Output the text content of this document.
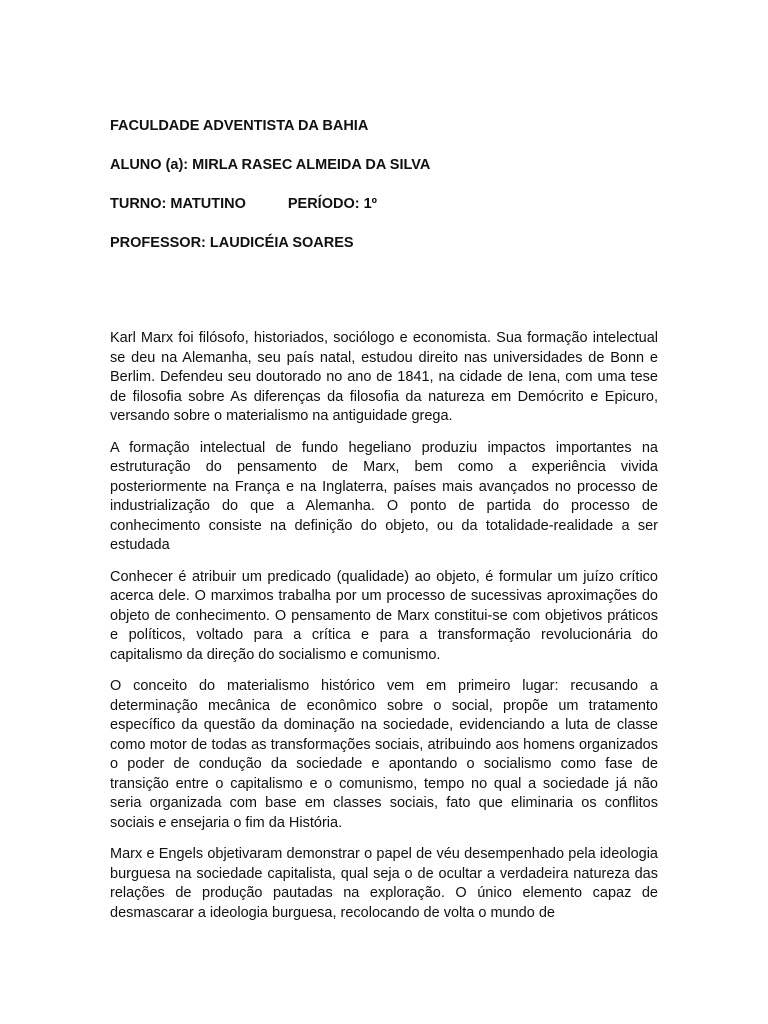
FACULDADE ADVENTISTA DA BAHIA
ALUNO (a): MIRLA RASEC ALMEIDA DA SILVA
TURNO: MATUTINO	PERÍODO: 1º
PROFESSOR: LAUDICÉIA SOARES

Karl Marx foi filósofo, historiados, sociólogo e economista. Sua formação intelectual se deu na Alemanha, seu país natal, estudou direito nas universidades de Bonn e Berlim. Defendeu seu doutorado no ano de 1841, na cidade de Iena, com uma tese de filosofia sobre As diferenças da filosofia da natureza em Demócrito e Epicuro, versando sobre o materialismo na antiguidade grega.

A formação intelectual de fundo hegeliano produziu impactos importantes na estruturação do pensamento de Marx, bem como a experiência vivida posteriormente na França e na Inglaterra, países mais avançados no processo de industrialização do que a Alemanha. O ponto de partida do processo de conhecimento consiste na definição do objeto, ou da totalidade-realidade a ser estudada

Conhecer é atribuir um predicado (qualidade) ao objeto, é formular um juízo crítico acerca dele. O marximos trabalha por um processo de sucessivas aproximações do objeto de conhecimento. O pensamento de Marx constitui-se com objetivos práticos e políticos, voltado para a crítica e para a transformação revolucionária do capitalismo da direção do socialismo e comunismo.

O conceito do materialismo histórico vem em primeiro lugar: recusando a determinação mecânica de econômico sobre o social, propõe um tratamento específico da questão da dominação na sociedade, evidenciando a luta de classe como motor de todas as transformações sociais, atribuindo aos homens organizados o poder de condução da sociedade e apontando o socialismo como fase de transição entre o capitalismo e o comunismo, tempo no qual a sociedade já não seria organizada com base em classes sociais, fato que eliminaria os conflitos sociais e ensejaria o fim da História.

Marx e Engels objetivaram demonstrar o papel de véu desempenhado pela ideologia burguesa na sociedade capitalista, qual seja o de ocultar a verdadeira natureza das relações de produção pautadas na exploração. O único elemento capaz de desmascarar a ideologia burguesa, recolocando de volta o mundo de
